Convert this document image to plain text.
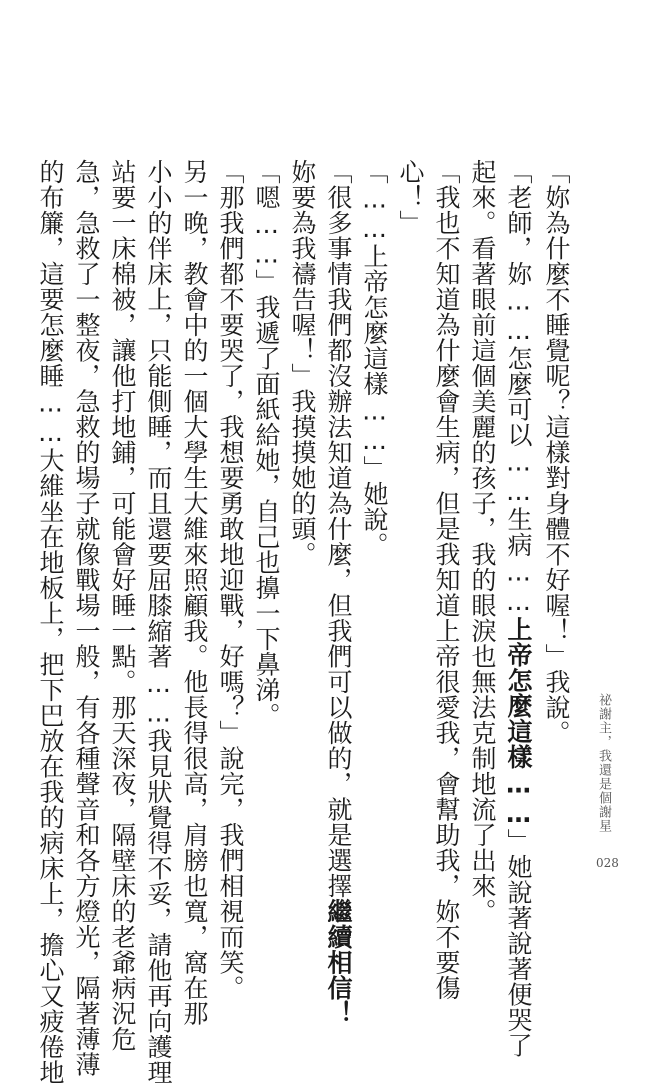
「妳為什麼不睡覺呢？這樣對身體不好喔！」我說。
「老師，妳……怎麼可以……生病……上帝怎麼這樣……」她說著說著便哭了
起來。看著眼前這個美麗的孩子，我的眼淚也無法克制地流了出來。
「我也不知道為什麼會生病，但是我知道上帝很愛我，會幫助我，妳不要傷
心！」
「……上帝怎麼這樣……」她說。
「很多事情我們都沒辦法知道為什麼，但我們可以做的，就是選擇繼續相信！
妳要為我禱告喔！」我摸摸她的頭。
「嗯……」我遞了面紙給她，自己也擤一下鼻涕。
「那我們都不要哭了，我想要勇敢地迎戰，好嗎？」說完，我們相視而笑。
另一晚，教會中的一個大學生大維來照顧我。他長得很高，肩膀也寬，窩在那
小小的伴床上，只能側睡，而且還要屈膝縮著……我見狀覺得不妥，請他再向護理
站要一床棉被，讓他打地鋪，可能會好睡一點。那天深夜，隔壁床的老爺病況危
急，急救了一整夜，急救的場子就像戰場一般，有各種聲音和各方燈光，隔著薄薄
的布簾，這要怎麼睡……大維坐在地板上，把下巴放在我的病床上，擔心又疲倦地	祕謝主，我還是個謝星
028
